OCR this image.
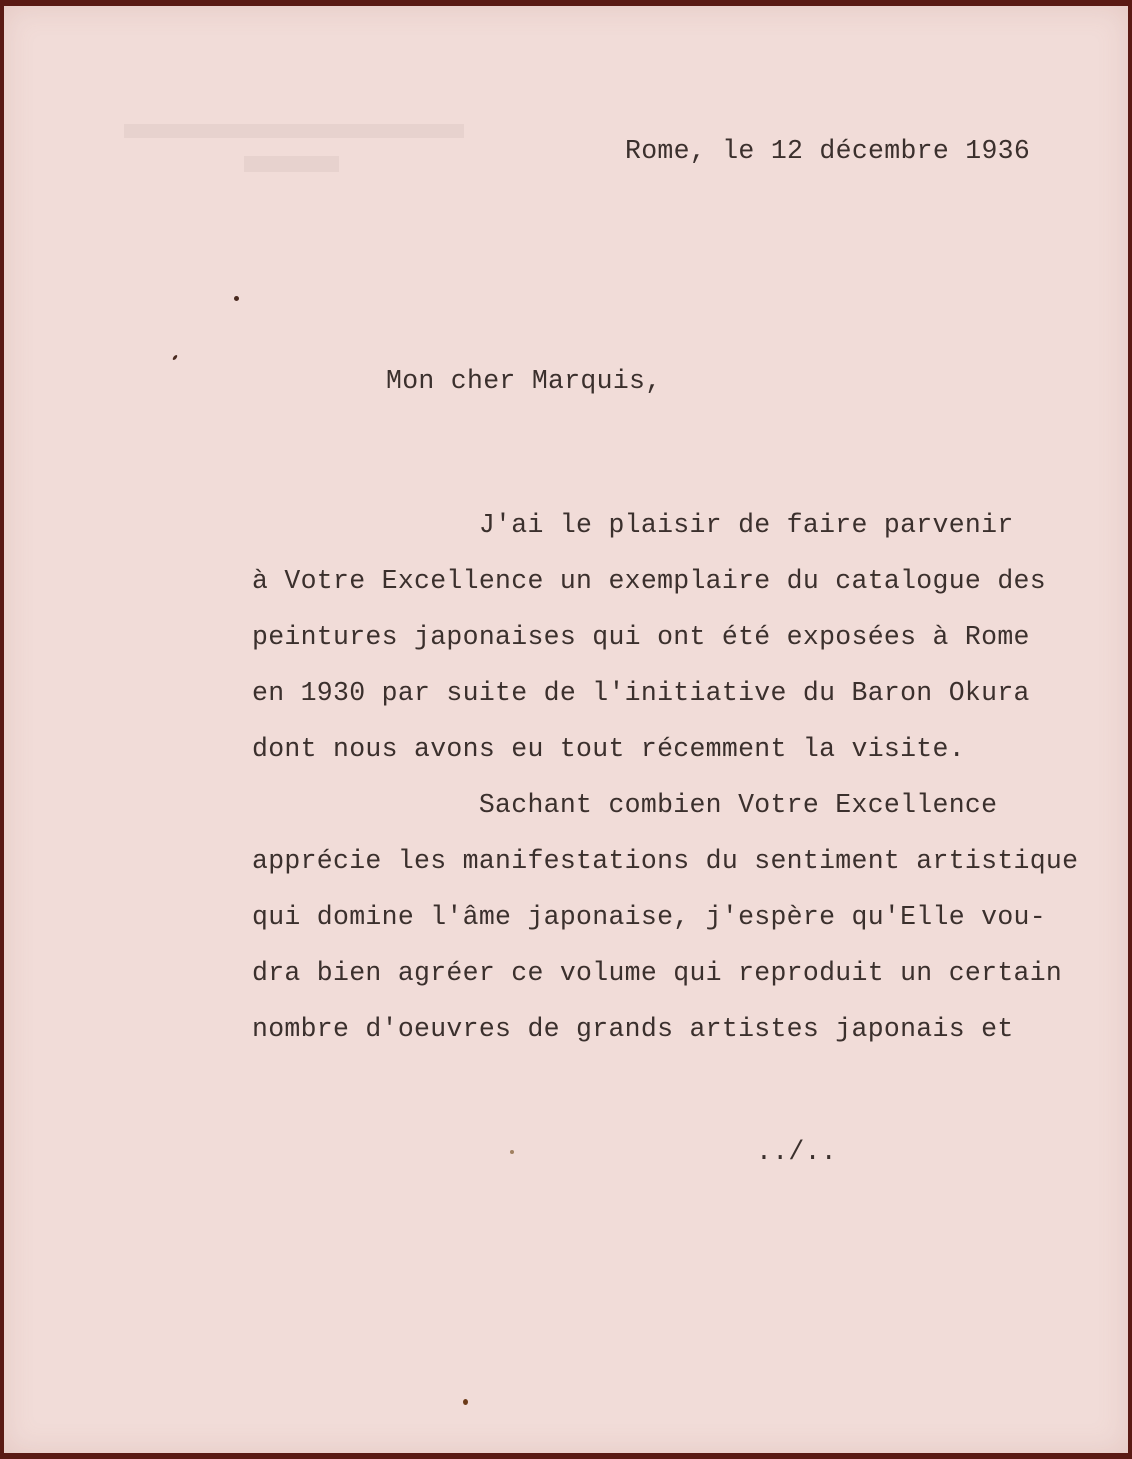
Rome, le 12 décembre 1936

Mon cher Marquis,

J'ai le plaisir de faire parvenir
à Votre Excellence un exemplaire du catalogue des
peintures japonaises qui ont été exposées à Rome
en 1930 par suite de l'initiative du Baron Okura
dont nous avons eu tout récemment la visite.
Sachant combien Votre Excellence
apprécie les manifestations du sentiment artistique
qui domine l'âme japonaise, j'espère qu'Elle vou-
dra bien agréer ce volume qui reproduit un certain
nombre d'oeuvres de grands artistes japonais et

../..
